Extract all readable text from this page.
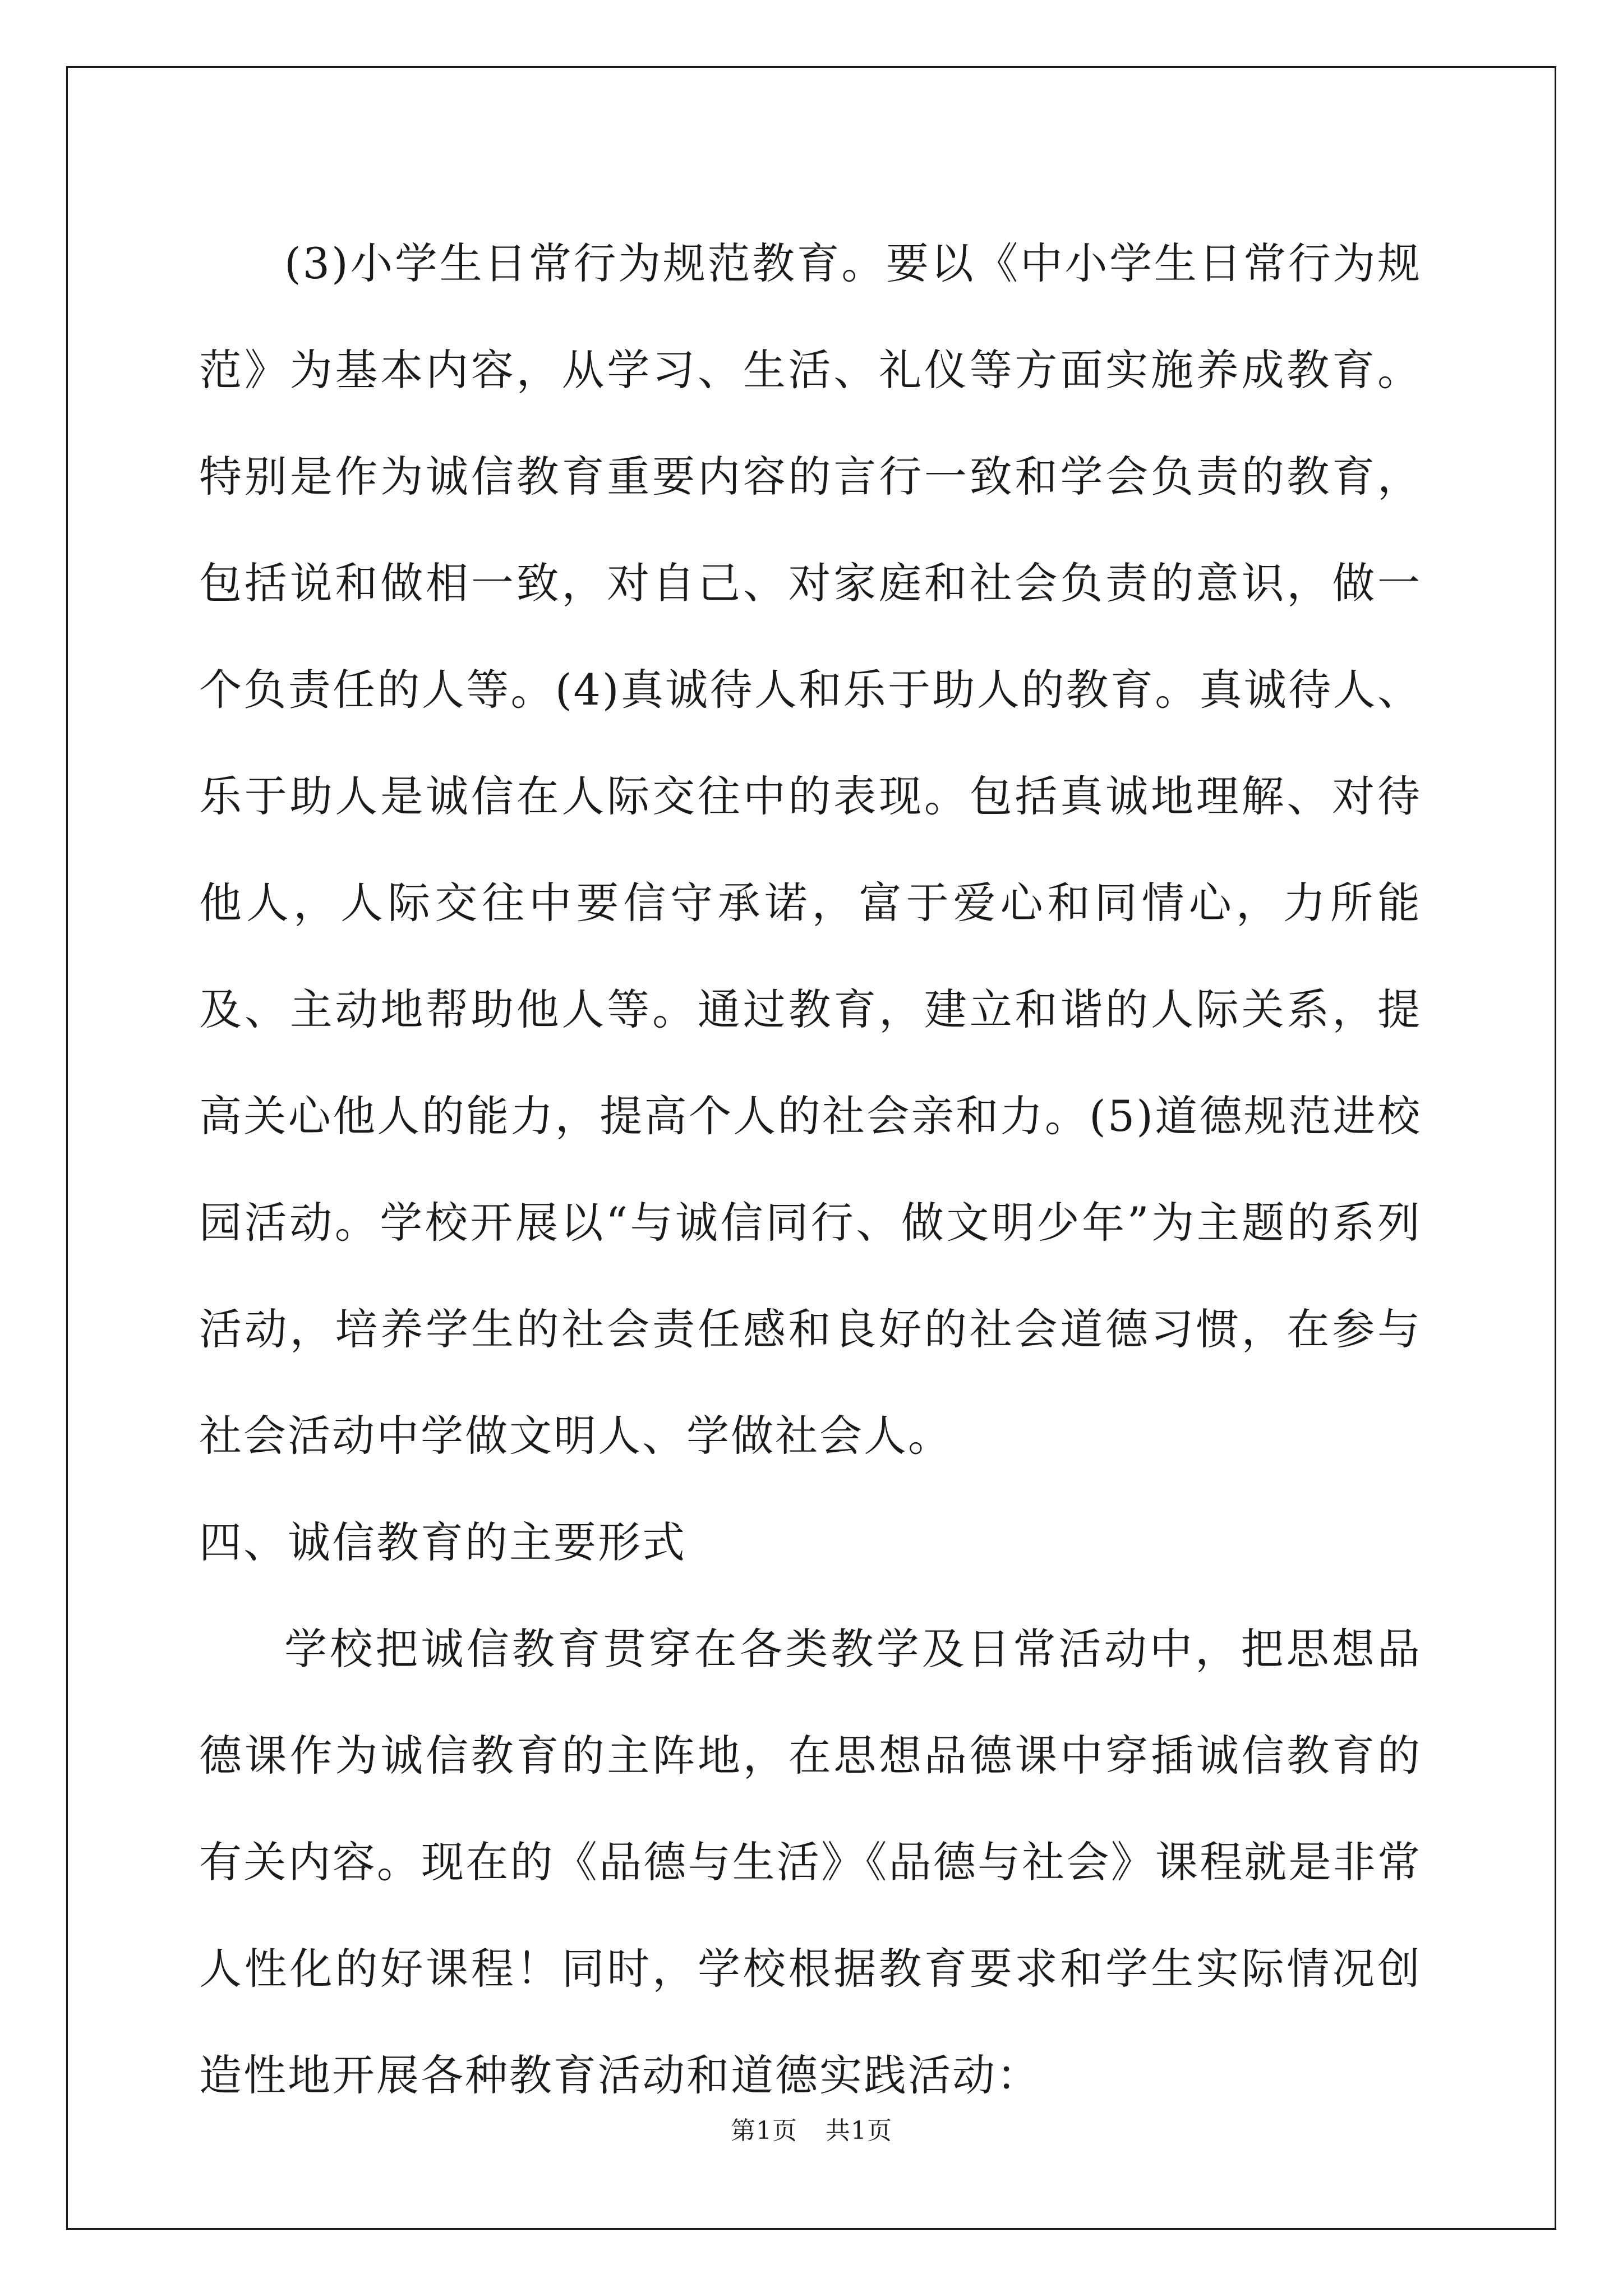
(3)小学生日常行为规范教育。要以《中小学生日常行为规范》为基本内容，从学习、生活、礼仪等方面实施养成教育。特别是作为诚信教育重要内容的言行一致和学会负责的教育，包括说和做相一致，对自己、对家庭和社会负责的意识，做一个负责任的人等。(4)真诚待人和乐于助人的教育。真诚待人、乐于助人是诚信在人际交往中的表现。包括真诚地理解、对待他人，人际交往中要信守承诺，富于爱心和同情心，力所能及、主动地帮助他人等。通过教育，建立和谐的人际关系，提高关心他人的能力，提高个人的社会亲和力。(5)道德规范进校园活动。学校开展以“与诚信同行、做文明少年”为主题的系列活动，培养学生的社会责任感和良好的社会道德习惯，在参与社会活动中学做文明人、学做社会人。

四、诚信教育的主要形式

学校把诚信教育贯穿在各类教学及日常活动中，把思想品德课作为诚信教育的主阵地，在思想品德课中穿插诚信教育的有关内容。现在的《品德与生活》《品德与社会》课程就是非常人性化的好课程！同时，学校根据教育要求和学生实际情况创造性地开展各种教育活动和道德实践活动：

第1页 共1页
